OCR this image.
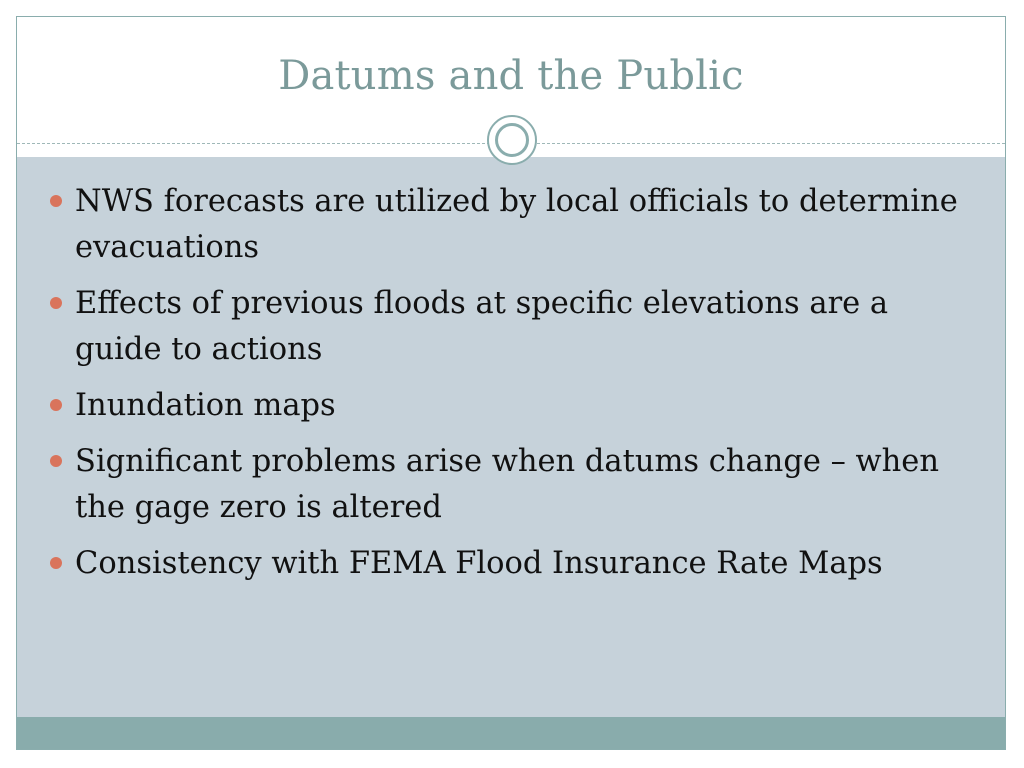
Datums and the Public
NWS forecasts are utilized by local officials to determine evacuations
Effects of previous floods at specific elevations are a guide to actions
Inundation maps
Significant problems arise when datums change – when the gage zero is altered
Consistency with FEMA Flood Insurance Rate Maps
